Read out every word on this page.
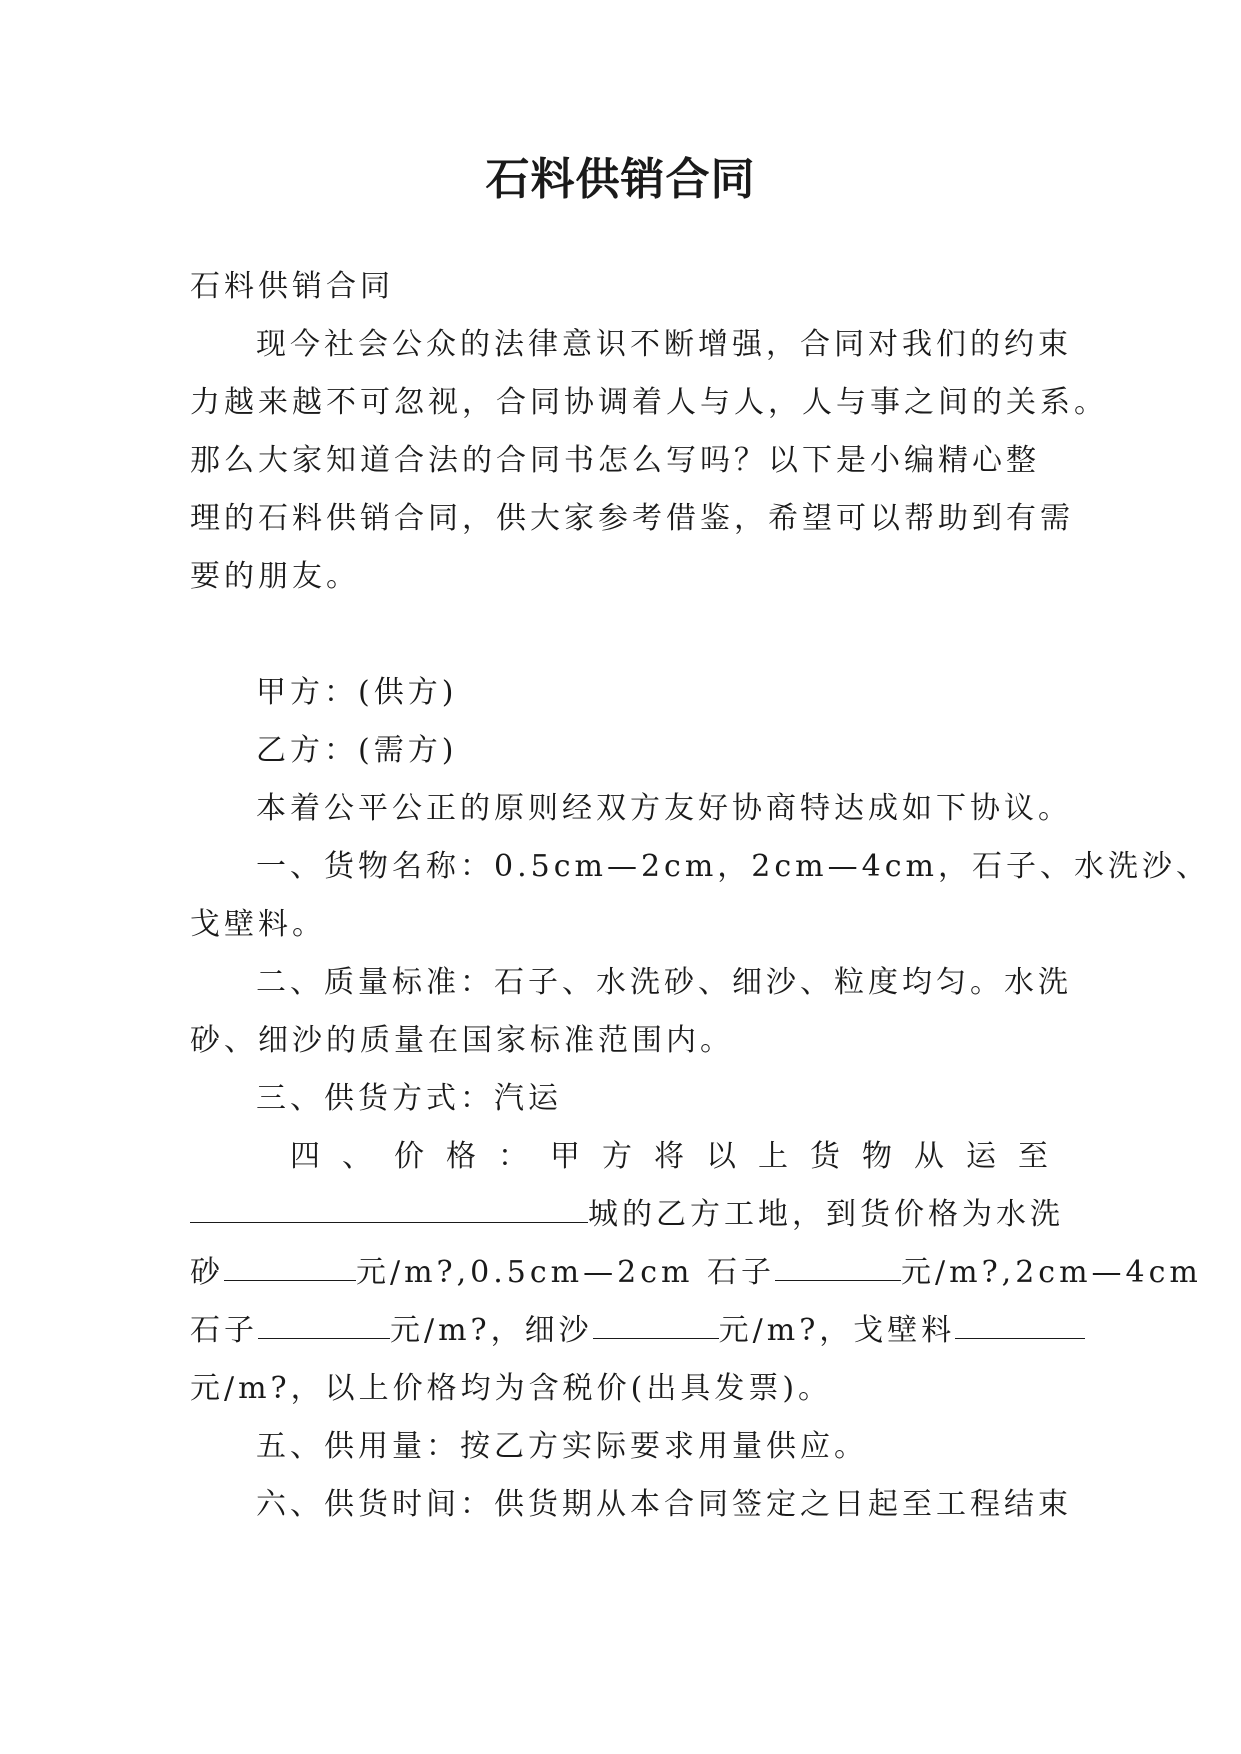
石料供销合同
石料供销合同
现今社会公众的法律意识不断增强，合同对我们的约束
力越来越不可忽视，合同协调着人与人，人与事之间的关系。
那么大家知道合法的合同书怎么写吗？以下是小编精心整
理的石料供销合同，供大家参考借鉴，希望可以帮助到有需
要的朋友。
甲方：(供方)
乙方：(需方)
本着公平公正的原则经双方友好协商特达成如下协议。
一、货物名称：0.5cm—2cm，2cm—4cm，石子、水洗沙、
戈壁料。
二、质量标准：石子、水洗砂、细沙、粒度均匀。水洗
砂、细沙的质量在国家标准范围内。
三、供货方式：汽运
四 、 价 格 ： 甲 方 将 以 上 货 物 从 运 至
城的乙方工地，到货价格为水洗
砂	元/m?,0.5cm—2cm 石子	元/m?,2cm—4cm
石子	元/m?，细沙	元/m?，戈壁料
元/m?，以上价格均为含税价(出具发票)。
五、供用量：按乙方实际要求用量供应。
六、供货时间：供货期从本合同签定之日起至工程结束
